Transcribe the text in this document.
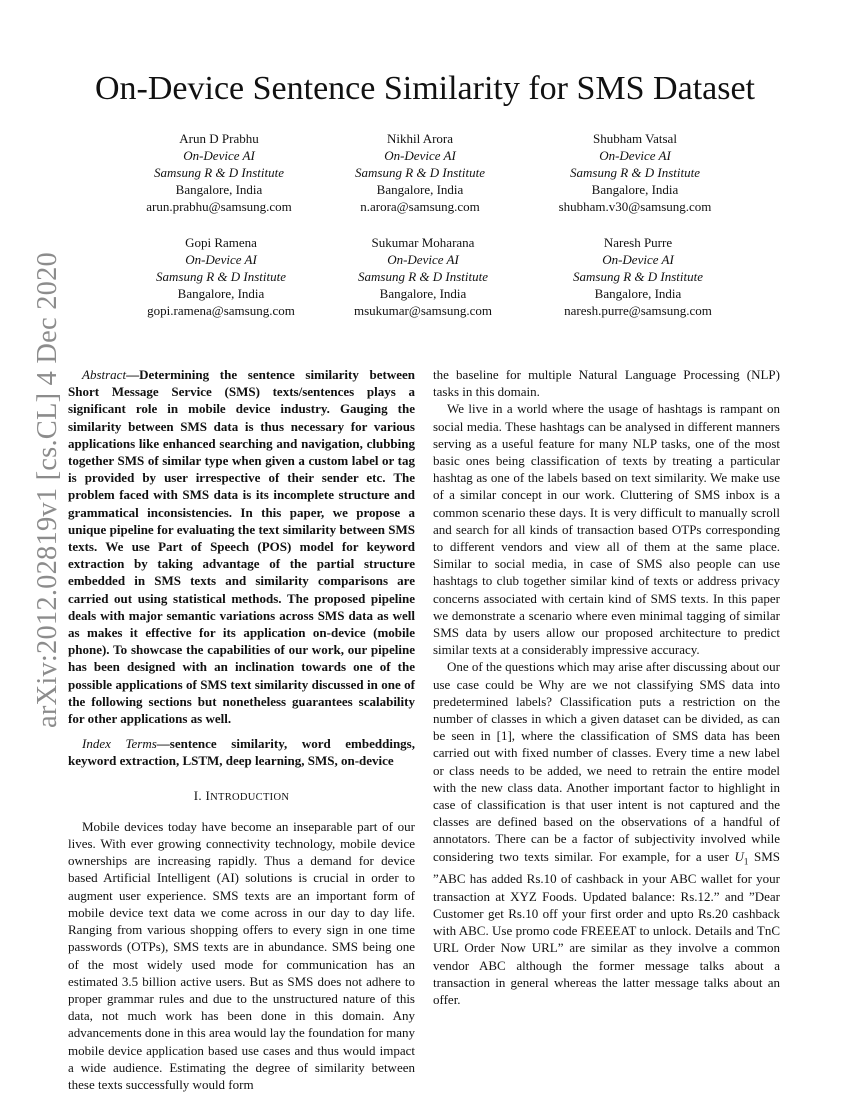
arXiv:2012.02819v1 [cs.CL] 4 Dec 2020
On-Device Sentence Similarity for SMS Dataset
Arun D Prabhu
On-Device AI
Samsung R & D Institute
Bangalore, India
arun.prabhu@samsung.com
Nikhil Arora
On-Device AI
Samsung R & D Institute
Bangalore, India
n.arora@samsung.com
Shubham Vatsal
On-Device AI
Samsung R & D Institute
Bangalore, India
shubham.v30@samsung.com
Gopi Ramena
On-Device AI
Samsung R & D Institute
Bangalore, India
gopi.ramena@samsung.com
Sukumar Moharana
On-Device AI
Samsung R & D Institute
Bangalore, India
msukumar@samsung.com
Naresh Purre
On-Device AI
Samsung R & D Institute
Bangalore, India
naresh.purre@samsung.com

Abstract—Determining the sentence similarity between Short Message Service (SMS) texts/sentences plays a significant role in mobile device industry. Gauging the similarity between SMS data is thus necessary for various applications like enhanced searching and navigation, clubbing together SMS of similar type when given a custom label or tag is provided by user irrespective of their sender etc. The problem faced with SMS data is its incomplete structure and grammatical inconsistencies. In this paper, we propose a unique pipeline for evaluating the text similarity between SMS texts. We use Part of Speech (POS) model for keyword extraction by taking advantage of the partial structure embedded in SMS texts and similarity comparisons are carried out using statistical methods. The proposed pipeline deals with major semantic variations across SMS data as well as makes it effective for its application on-device (mobile phone). To showcase the capabilities of our work, our pipeline has been designed with an inclination towards one of the possible applications of SMS text similarity discussed in one of the following sections but nonetheless guarantees scalability for other applications as well.

Index Terms—sentence similarity, word embeddings, keyword extraction, LSTM, deep learning, SMS, on-device

I. INTRODUCTION

Mobile devices today have become an inseparable part of our lives. With ever growing connectivity technology, mobile device ownerships are increasing rapidly. Thus a demand for device based Artificial Intelligent (AI) solutions is crucial in order to augment user experience. SMS texts are an important form of mobile device text data we come across in our day to day life. Ranging from various shopping offers to every sign in one time passwords (OTPs), SMS texts are in abundance. SMS being one of the most widely used mode for communication has an estimated 3.5 billion active users. But as SMS does not adhere to proper grammar rules and due to the unstructured nature of this data, not much work has been done in this domain. Any advancements done in this area would lay the foundation for many mobile device application based use cases and thus would impact a wide audience. Estimating the degree of similarity between these texts successfully would form

the baseline for multiple Natural Language Processing (NLP) tasks in this domain.

We live in a world where the usage of hashtags is rampant on social media. These hashtags can be analysed in different manners serving as a useful feature for many NLP tasks, one of the most basic ones being classification of texts by treating a particular hashtag as one of the labels based on text similarity. We make use of a similar concept in our work. Cluttering of SMS inbox is a common scenario these days. It is very difficult to manually scroll and search for all kinds of transaction based OTPs corresponding to different vendors and view all of them at the same place. Similar to social media, in case of SMS also people can use hashtags to club together similar kind of texts or address privacy concerns associated with certain kind of SMS texts. In this paper we demonstrate a scenario where even minimal tagging of similar SMS data by users allow our proposed architecture to predict similar texts at a considerably impressive accuracy.

One of the questions which may arise after discussing about our use case could be Why are we not classifying SMS data into predetermined labels? Classification puts a restriction on the number of classes in which a given dataset can be divided, as can be seen in [1], where the classification of SMS data has been carried out with fixed number of classes. Every time a new label or class needs to be added, we need to retrain the entire model with the new class data. Another important factor to highlight in case of classification is that user intent is not captured and the classes are defined based on the observations of a handful of annotators. There can be a factor of subjectivity involved while considering two texts similar. For example, for a user $U_1$ SMS ”ABC has added Rs.10 of cashback in your ABC wallet for your transaction at XYZ Foods. Updated balance: Rs.12.” and ”Dear Customer get Rs.10 off your first order and upto Rs.20 cashback with ABC. Use promo code FREEEAT to unlock. Details and TnC URL Order Now URL” are similar as they involve a common vendor ABC although the former message talks about a transaction in general whereas the latter message talks about an offer.
